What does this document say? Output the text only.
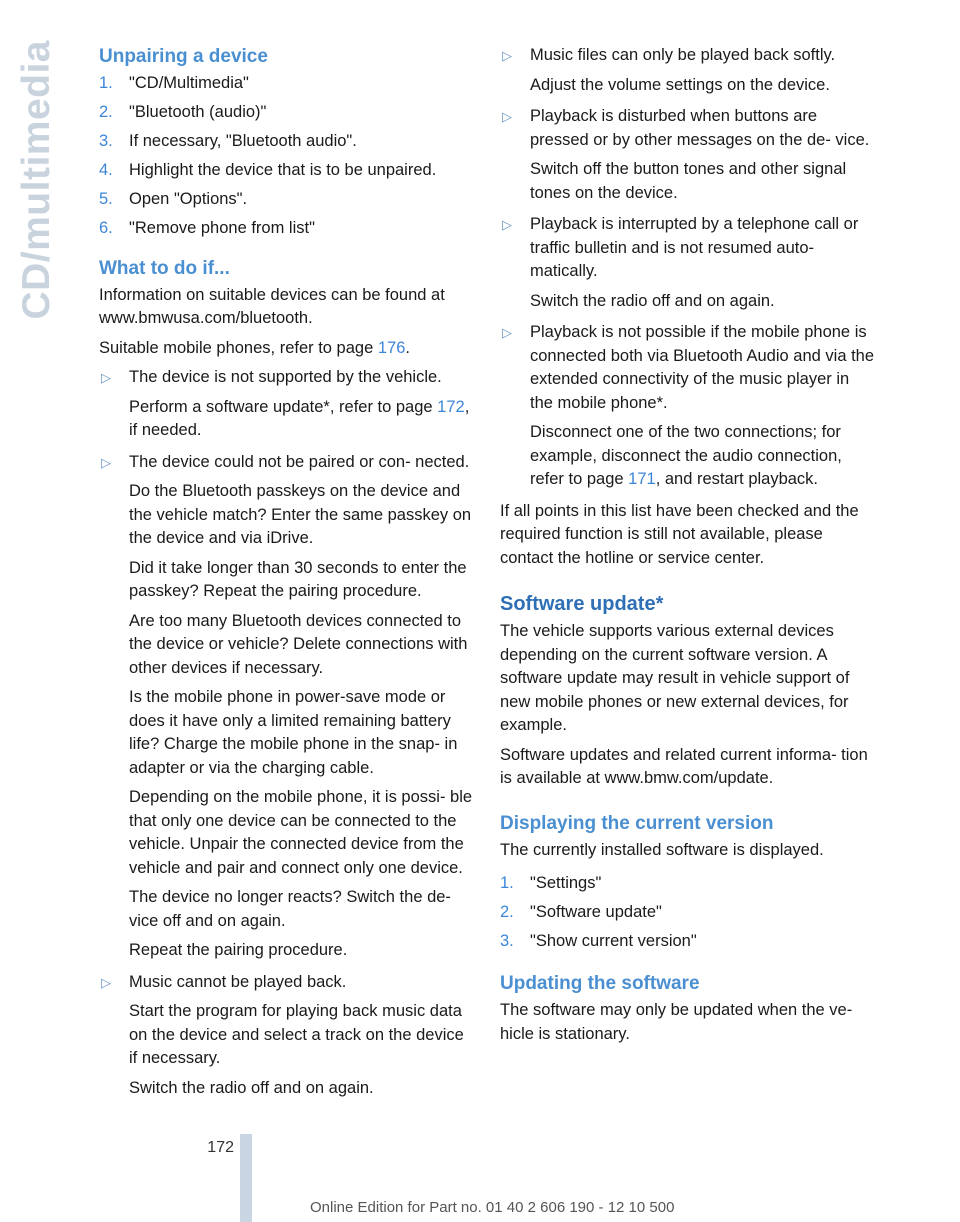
CD/multimedia Unpairing a device
1. "CD/Multimedia"
2. "Bluetooth (audio)"
3. If necessary, "Bluetooth audio".
4. Highlight the device that is to be unpaired.
5. Open "Options".
6. "Remove phone from list"
What to do if...

Information on suitable devices can be found at www.bmwusa.com/bluetooth.

Suitable mobile phones, refer to page 176.

▷ The device is not supported by the vehicle.

Perform a software update*, refer to page 172, if needed.

▷ The device could not be paired or con- nected.

Do the Bluetooth passkeys on the device and the vehicle match? Enter the same passkey on the device and via iDrive.

Did it take longer than 30 seconds to enter the passkey? Repeat the pairing procedure.

Are too many Bluetooth devices connected to the device or vehicle? Delete connections with other devices if necessary.

Is the mobile phone in power-save mode or does it have only a limited remaining battery life? Charge the mobile phone in the snap- in adapter or via the charging cable.

Depending on the mobile phone, it is possi- ble that only one device can be connected to the vehicle. Unpair the connected device from the vehicle and pair and connect only one device.

The device no longer reacts? Switch the de- vice off and on again.

Repeat the pairing procedure.

▷ Music cannot be played back.

Start the program for playing back music data on the device and select a track on the device if necessary.

Switch the radio off and on again.

▷ Music files can only be played back softly.

Adjust the volume settings on the device.

▷ Playback is disturbed when buttons are pressed or by other messages on the de- vice.

Switch off the button tones and other signal tones on the device.

▷ Playback is interrupted by a telephone call or traffic bulletin and is not resumed auto- matically.

Switch the radio off and on again.

▷ Playback is not possible if the mobile phone is connected both via Bluetooth Audio and via the extended connectivity of the music player in the mobile phone*.

Disconnect one of the two connections; for example, disconnect the audio connection, refer to page 171, and restart playback.

If all points in this list have been checked and the required function is still not available, please contact the hotline or service center.

Software update*

The vehicle supports various external devices depending on the current software version. A software update may result in vehicle support of new mobile phones or new external devices, for example.

Software updates and related current informa- tion is available at www.bmw.com/update.

Displaying the current version

The currently installed software is displayed.

1. "Settings"
2. "Software update"
3. "Show current version"
Updating the software

The software may only be updated when the ve- hicle is stationary.

172
Online Edition for Part no. 01 40 2 606 190 - 12 10 500
